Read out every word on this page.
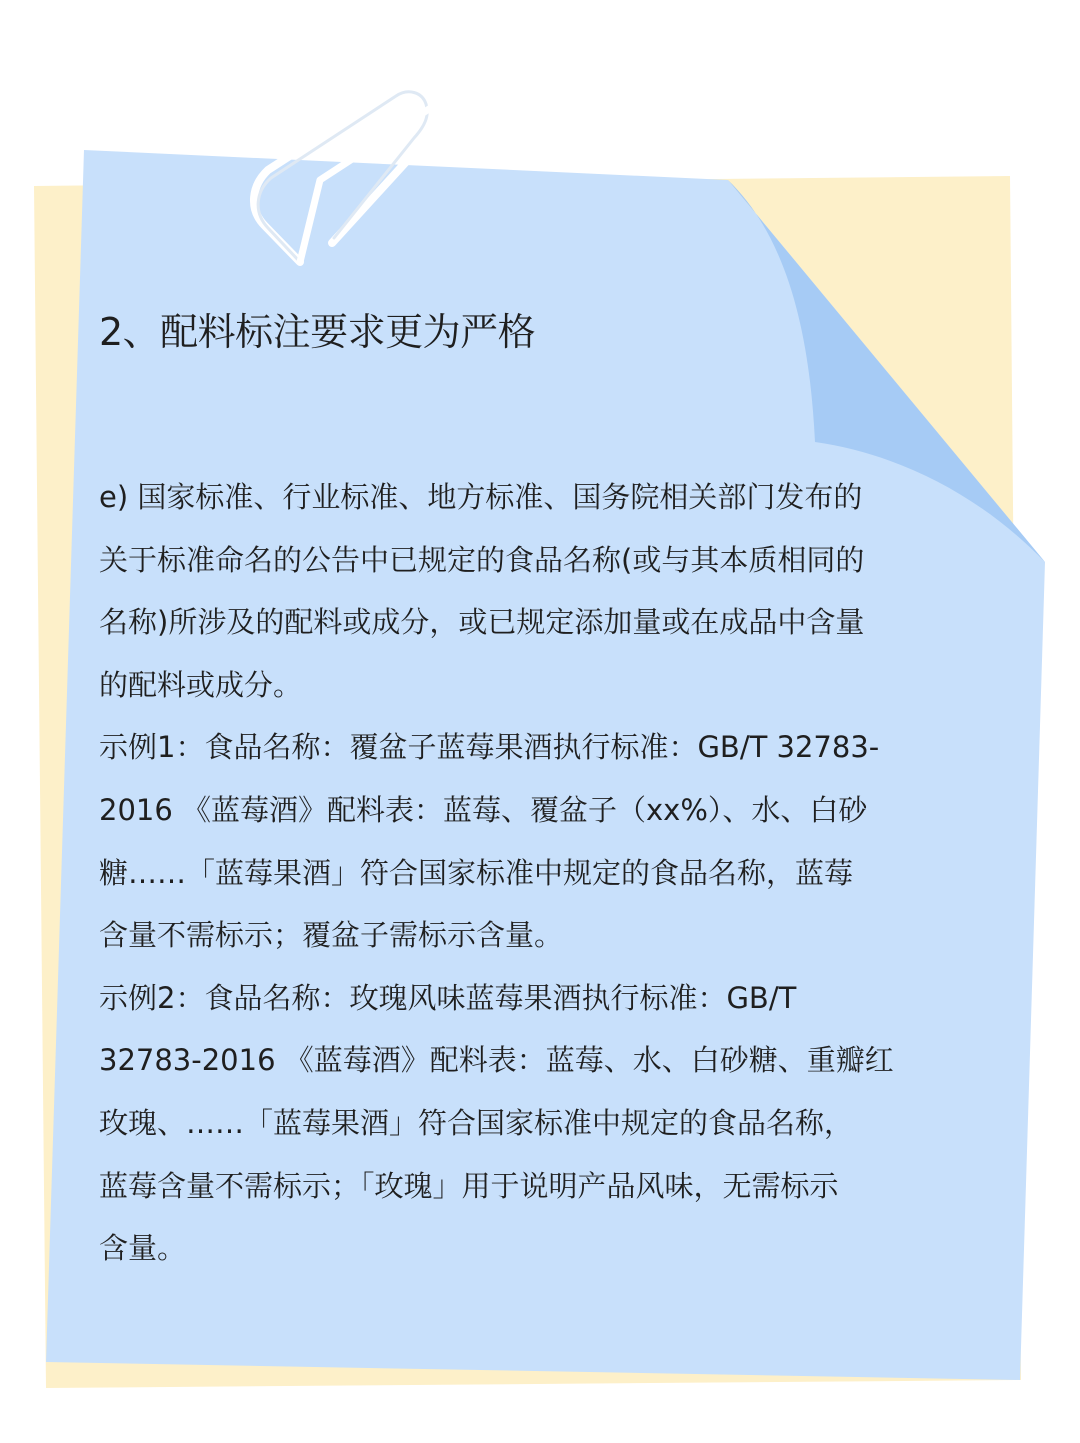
2、配料标注要求更为严格
e) 国家标准、行业标准、地方标准、国务院相关部门发布的
关于标准命名的公告中已规定的食品名称(或与其本质相同的
名称)所涉及的配料或成分，或已规定添加量或在成品中含量
的配料或成分。
示例1：食品名称：覆盆子蓝莓果酒执行标准：GB/T 32783-
2016 《蓝莓酒》配料表：蓝莓、覆盆子（xx%）、水、白砂
糖……「蓝莓果酒」符合国家标准中规定的食品名称，蓝莓
含量不需标示；覆盆子需标示含量。
示例2：食品名称：玫瑰风味蓝莓果酒执行标准：GB/T
32783-2016 《蓝莓酒》配料表：蓝莓、水、白砂糖、重瓣红
玫瑰、……「蓝莓果酒」符合国家标准中规定的食品名称，
蓝莓含量不需标示；「玫瑰」用于说明产品风味，无需标示
含量。
